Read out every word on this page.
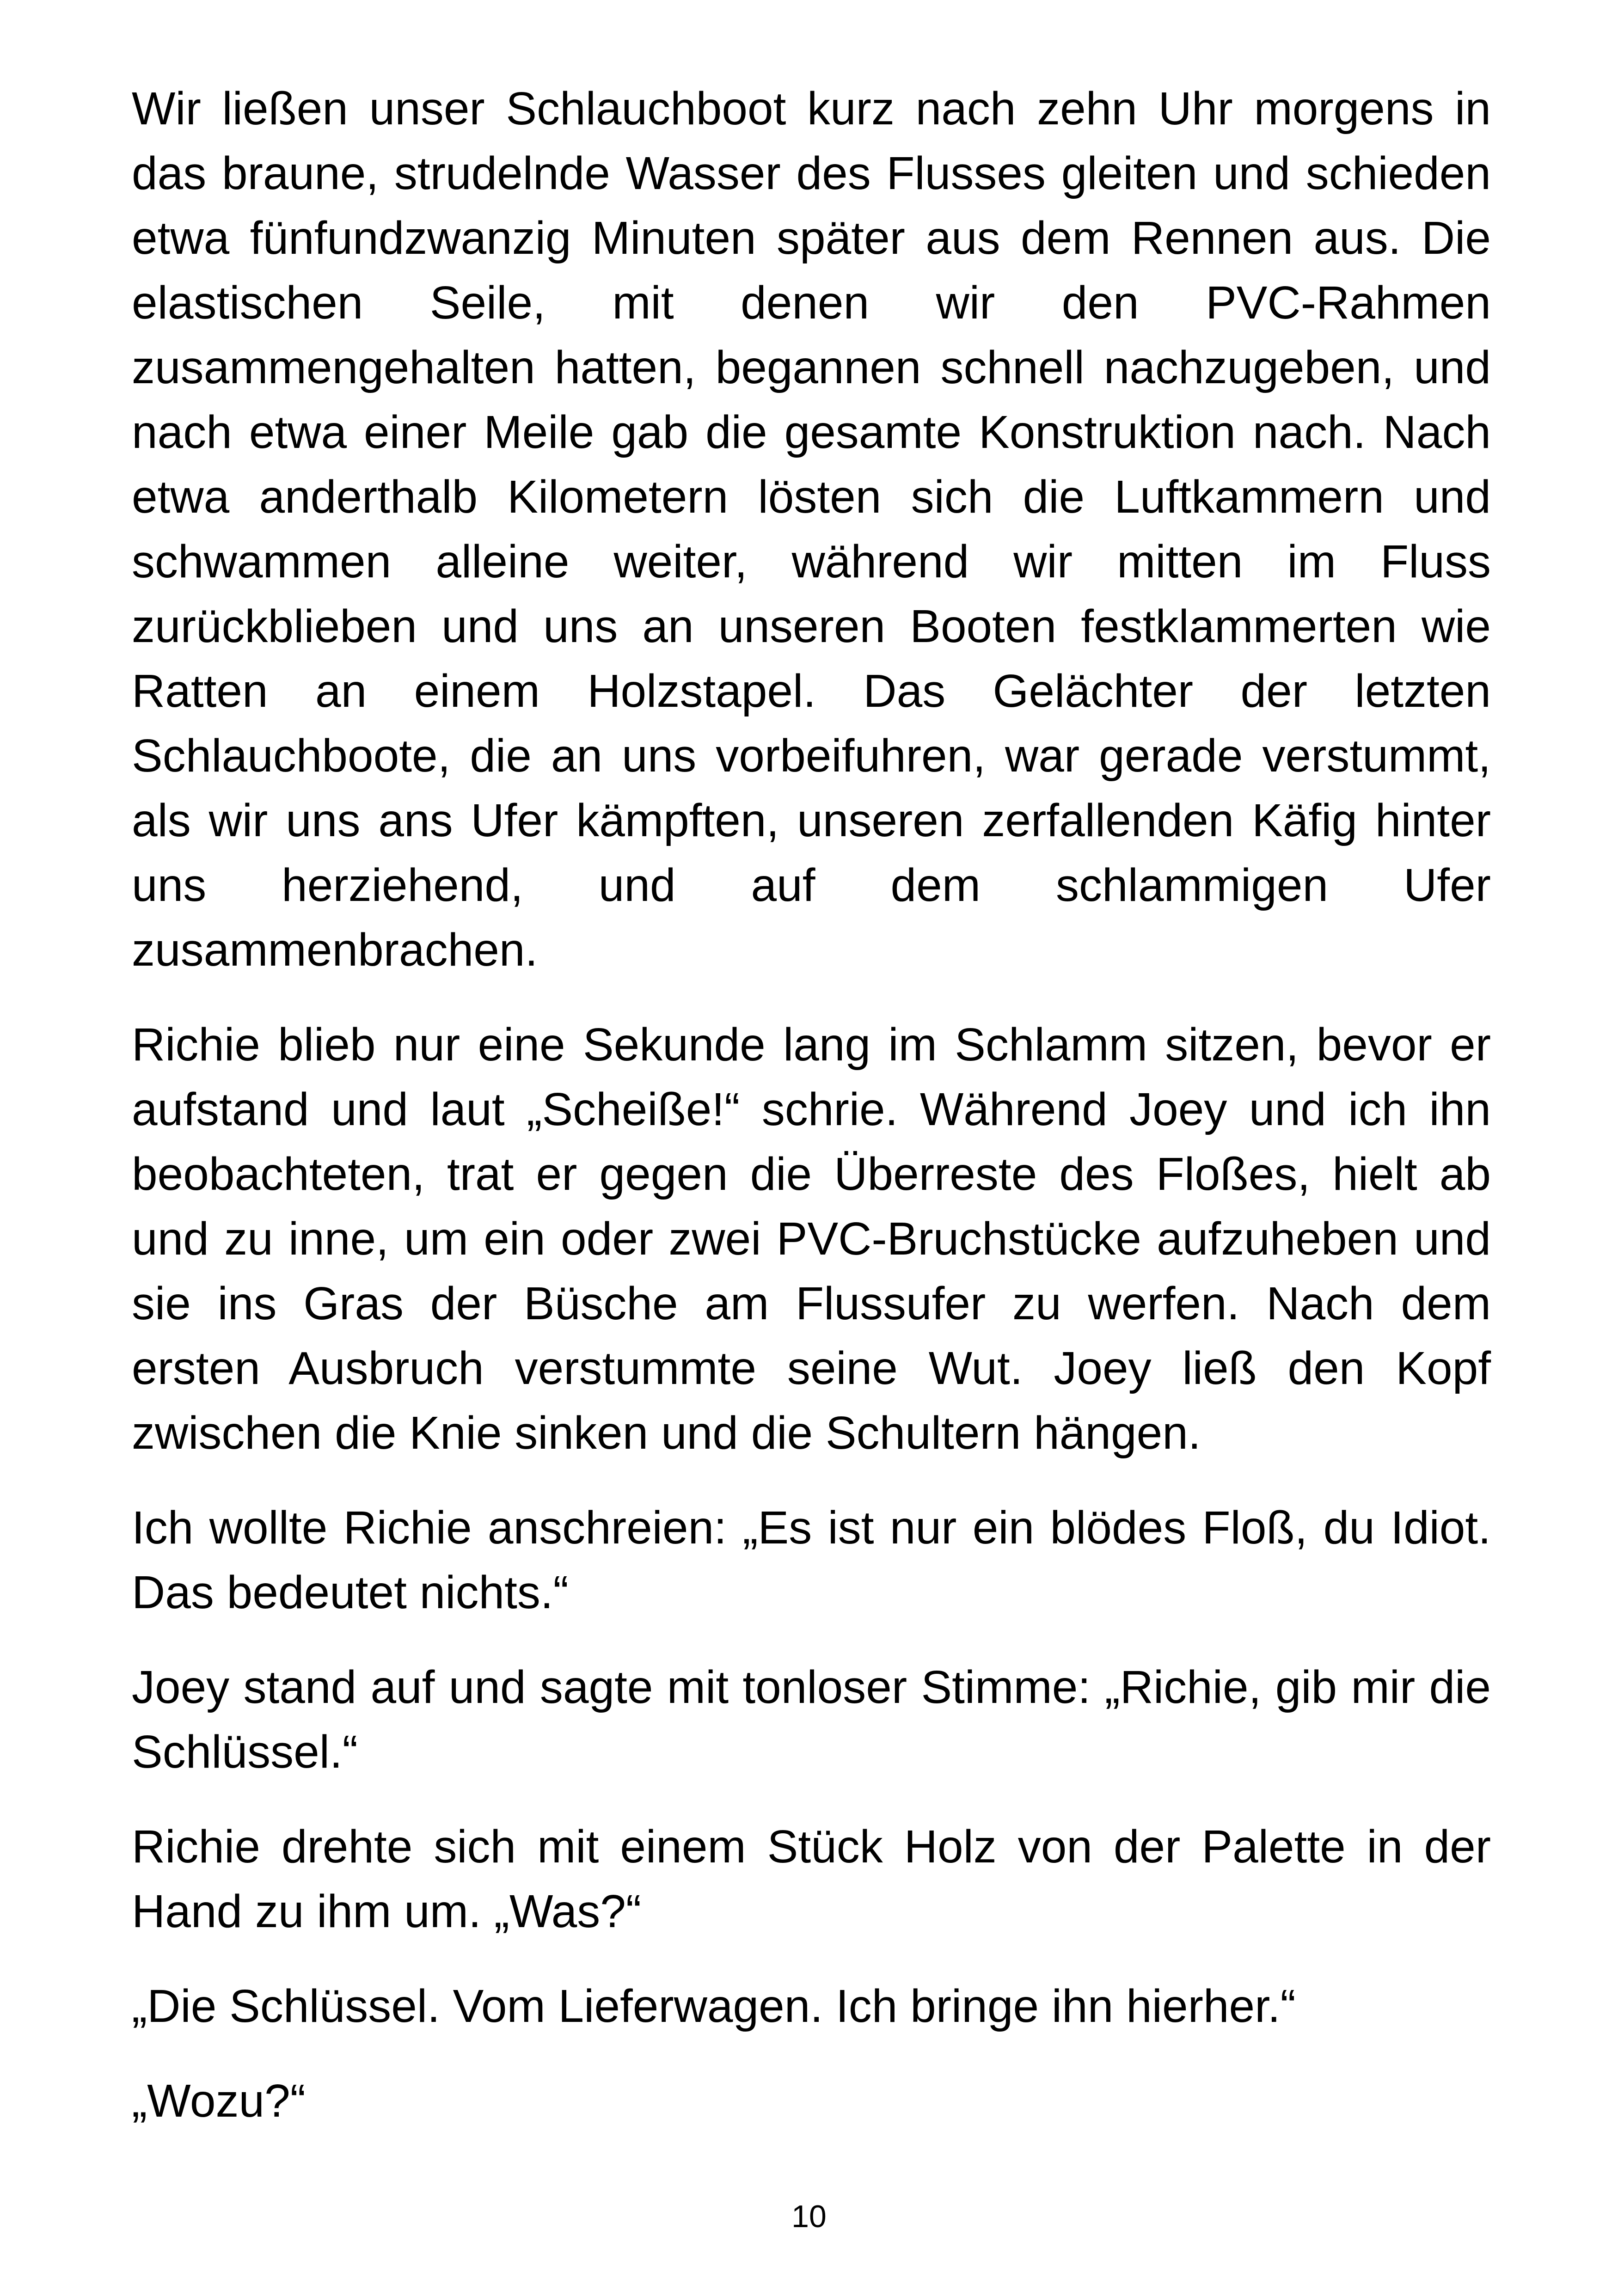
Wir ließen unser Schlauchboot kurz nach zehn Uhr morgens in das braune, strudelnde Wasser des Flusses gleiten und schieden etwa fünfundzwanzig Minuten später aus dem Rennen aus. Die elastischen Seile, mit denen wir den PVC-Rahmen zusammengehalten hatten, begannen schnell nachzugeben, und nach etwa einer Meile gab die gesamte Konstruktion nach. Nach etwa anderthalb Kilometern lösten sich die Luftkammern und schwammen alleine weiter, während wir mitten im Fluss zurückblieben und uns an unseren Booten festklammerten wie Ratten an einem Holzstapel. Das Gelächter der letzten Schlauchboote, die an uns vorbeifuhren, war gerade verstummt, als wir uns ans Ufer kämpften, unseren zerfallenden Käfig hinter uns herziehend, und auf dem schlammigen Ufer zusammenbrachen.

Richie blieb nur eine Sekunde lang im Schlamm sitzen, bevor er aufstand und laut „Scheiße!“ schrie. Während Joey und ich ihn beobachteten, trat er gegen die Überreste des Floßes, hielt ab und zu inne, um ein oder zwei PVC-Bruchstücke aufzuheben und sie ins Gras der Büsche am Flussufer zu werfen. Nach dem ersten Ausbruch verstummte seine Wut. Joey ließ den Kopf zwischen die Knie sinken und die Schultern hängen.

Ich wollte Richie anschreien: „Es ist nur ein blödes Floß, du Idiot. Das bedeutet nichts.“

Joey stand auf und sagte mit tonloser Stimme: „Richie, gib mir die Schlüssel.“

Richie drehte sich mit einem Stück Holz von der Palette in der Hand zu ihm um. „Was?“

„Die Schlüssel. Vom Lieferwagen. Ich bringe ihn hierher.“

„Wozu?“

10
